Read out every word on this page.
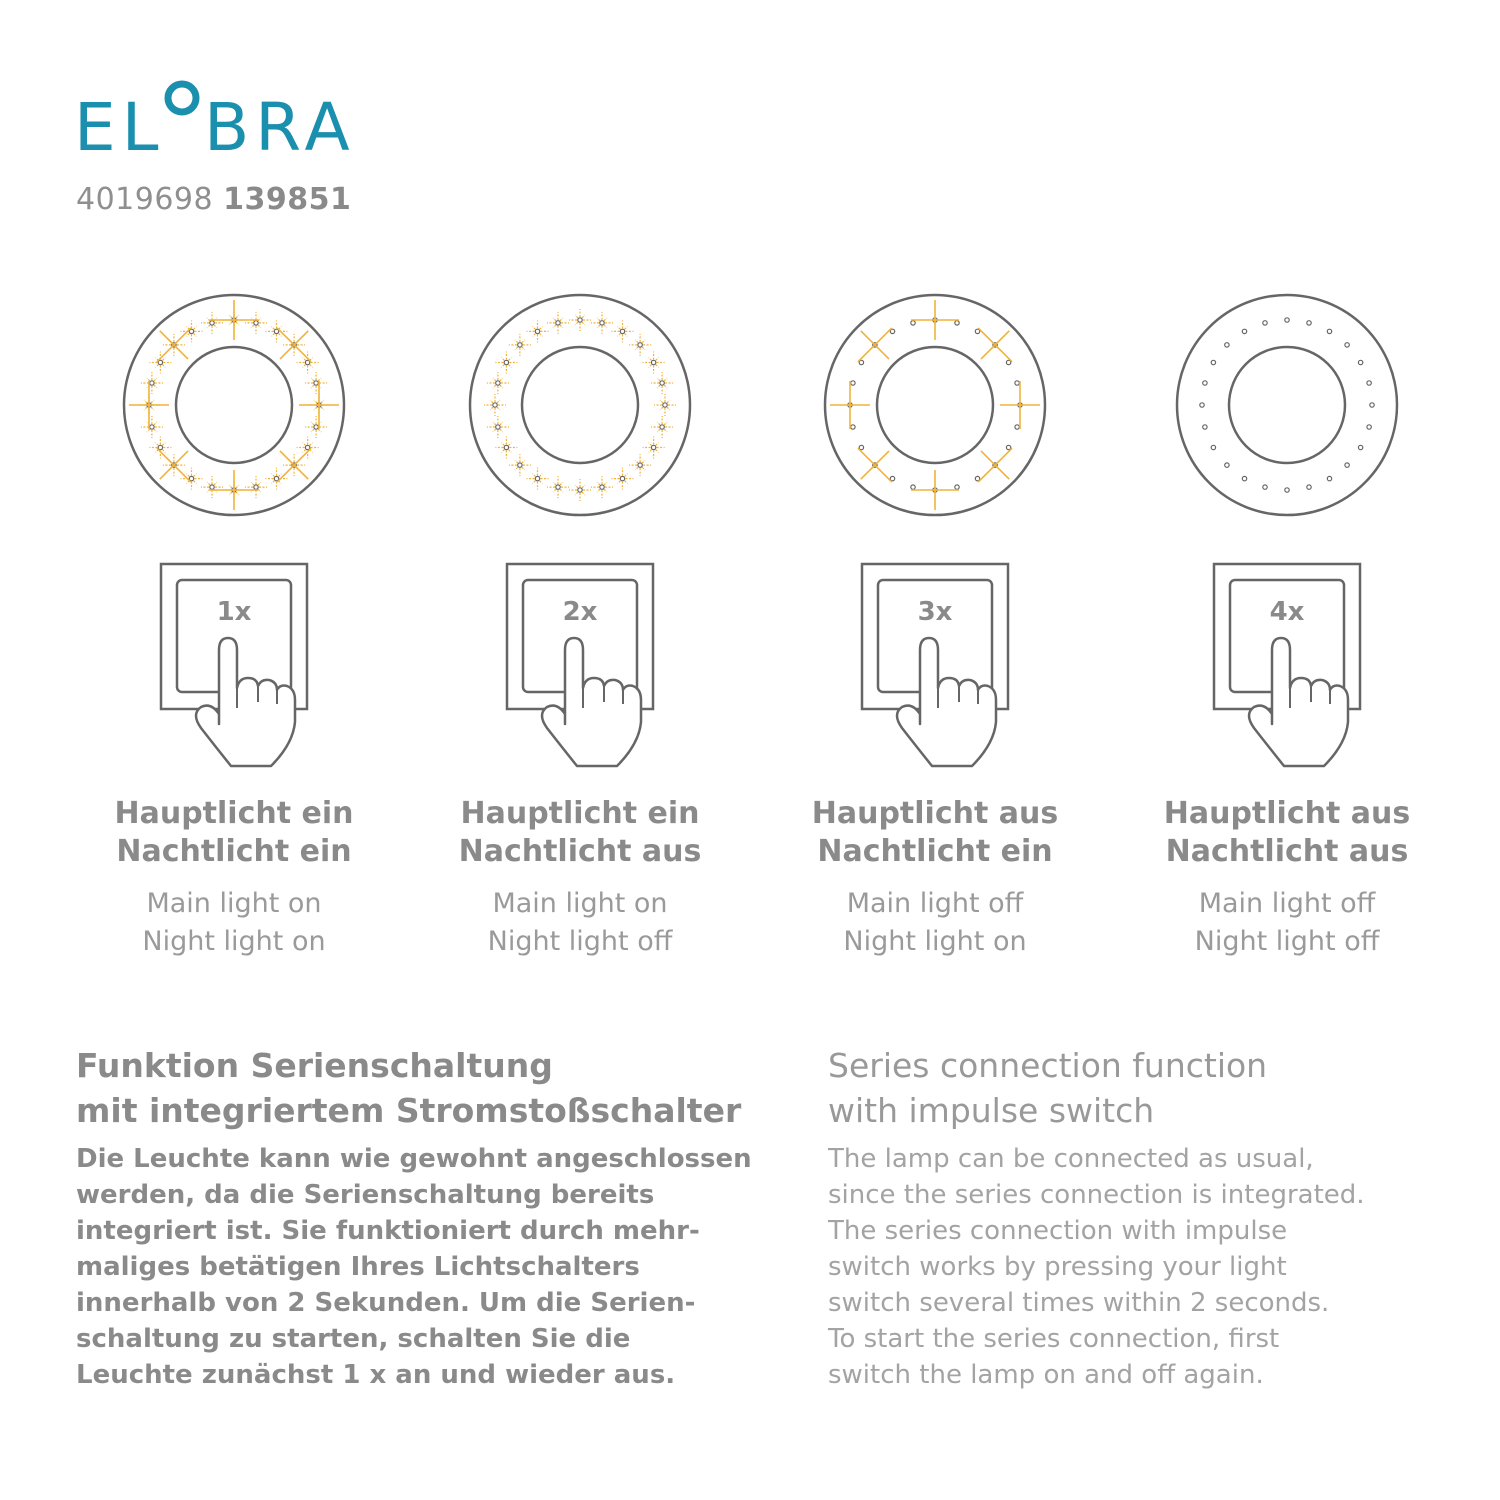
EL BRA
4019698 139851
1x
Hauptlicht ein
Nachtlicht ein
Main light on
Night light on
2x
Hauptlicht ein
Nachtlicht aus
Main light on
Night light off
3x
Hauptlicht aus
Nachtlicht ein
Main light off
Night light on
4x
Hauptlicht aus
Nachtlicht aus
Main light off
Night light off
Funktion Serienschaltung
mit integriertem Stromstoßschalter
Die Leuchte kann wie gewohnt angeschlossen
werden, da die Serienschaltung bereits
integriert ist. Sie funktioniert durch mehr-
maliges betätigen Ihres Lichtschalters
innerhalb von 2 Sekunden. Um die Serien-
schaltung zu starten, schalten Sie die
Leuchte zunächst 1 x an und wieder aus.
Series connection function
with impulse switch
The lamp can be connected as usual,
since the series connection is integrated.
The series connection with impulse
switch works by pressing your light
switch several times within 2 seconds.
To start the series connection, first
switch the lamp on and off again.
